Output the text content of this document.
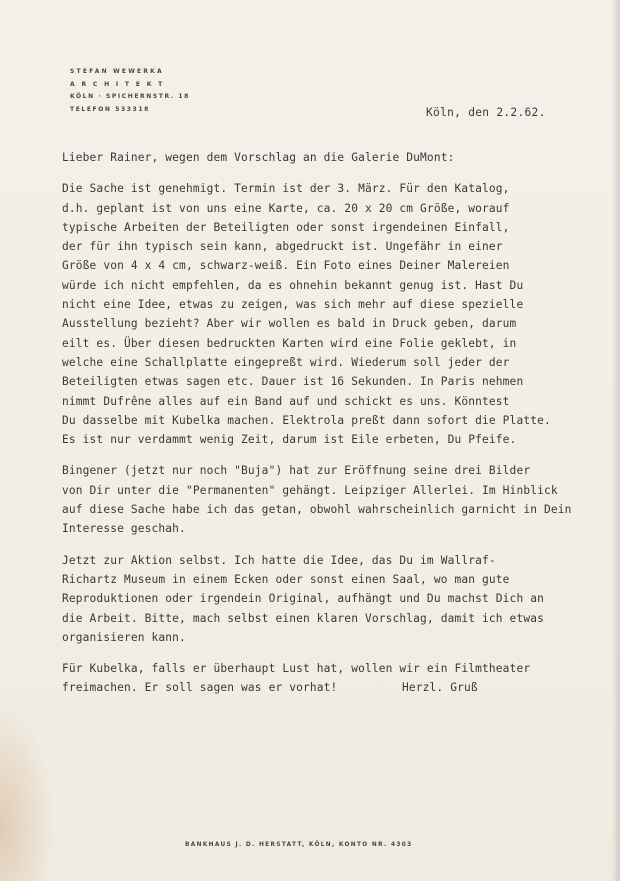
STEFAN WEWERKA
ARCHITEKT
KÖLN · SPICHERNSTR. 18
TELEFON 533318	Köln, den 2.2.62.
Lieber Rainer, wegen dem Vorschlag an die Galerie DuMont:
Die Sache ist genehmigt. Termin ist der 3. März. Für den Katalog,
d.h. geplant ist von uns eine Karte, ca. 20 x 20 cm Größe, worauf
typische Arbeiten der Beteiligten oder sonst irgendeinen Einfall,
der für ihn typisch sein kann, abgedruckt ist. Ungefähr in einer
Größe von 4 x 4 cm, schwarz-weiß. Ein Foto eines Deiner Malereien
würde ich nicht empfehlen, da es ohnehin bekannt genug ist. Hast Du
nicht eine Idee, etwas zu zeigen, was sich mehr auf diese spezielle
Ausstellung bezieht? Aber wir wollen es bald in Druck geben, darum
eilt es. Über diesen bedruckten Karten wird eine Folie geklebt, in
welche eine Schallplatte eingepreßt wird. Wiederum soll jeder der
Beteiligten etwas sagen etc. Dauer ist 16 Sekunden. In Paris nehmen
nimmt Dufrêne alles auf ein Band auf und schickt es uns. Könntest
Du dasselbe mit Kubelka machen. Elektrola preßt dann sofort die Platte.
Es ist nur verdammt wenig Zeit, darum ist Eile erbeten, Du Pfeife.
Bingener (jetzt nur noch "Buja") hat zur Eröffnung seine drei Bilder
von Dir unter die "Permanenten" gehängt. Leipziger Allerlei. Im Hinblick
auf diese Sache habe ich das getan, obwohl wahrscheinlich garnicht in Dein
Interesse geschah.
Jetzt zur Aktion selbst. Ich hatte die Idee, das Du im Wallraf-
Richartz Museum in einem Ecken oder sonst einen Saal, wo man gute
Reproduktionen oder irgendein Original, aufhängt und Du machst Dich an
die Arbeit. Bitte, mach selbst einen klaren Vorschlag, damit ich etwas
organisieren kann.
Für Kubelka, falls er überhaupt Lust hat, wollen wir ein Filmtheater
freimachen. Er soll sagen was er vorhat!	Herzl. Gruß
BANKHAUS J. D. HERSTATT, KÖLN, KONTO NR. 4303
